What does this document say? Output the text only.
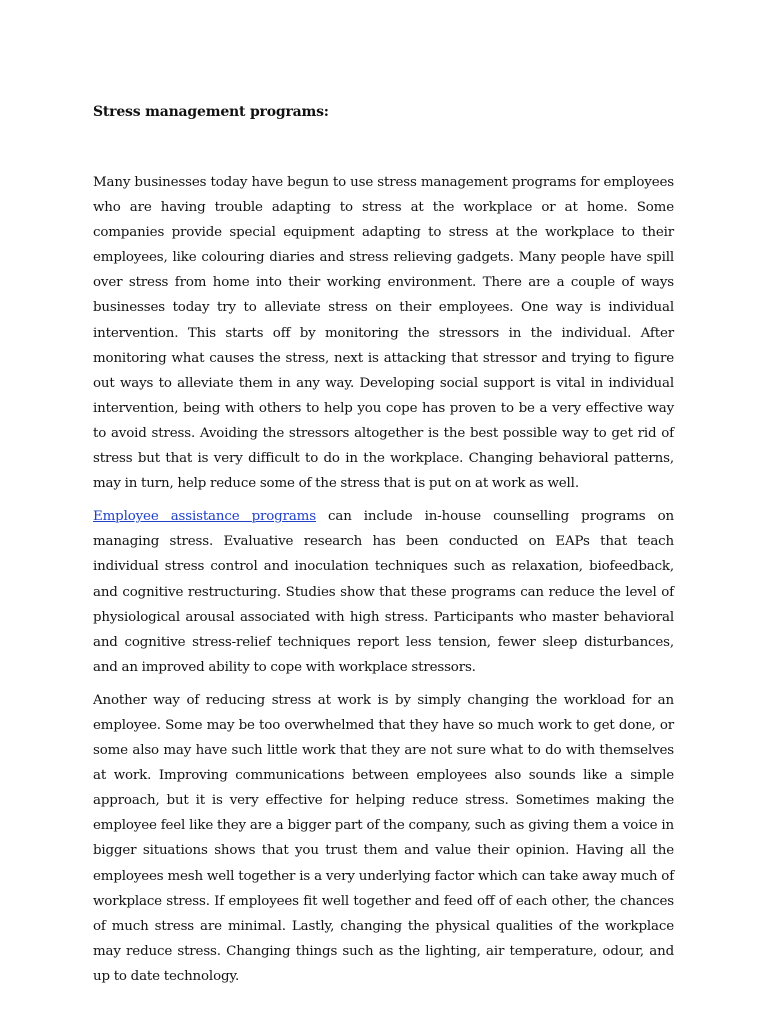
Stress management programs:

Many businesses today have begun to use stress management programs for employees who are having trouble adapting to stress at the workplace or at home. Some companies provide special equipment adapting to stress at the workplace to their employees, like colouring diaries and stress relieving gadgets. Many people have spill over stress from home into their working environment. There are a couple of ways businesses today try to alleviate stress on their employees. One way is individual intervention. This starts off by monitoring the stressors in the individual. After monitoring what causes the stress, next is attacking that stressor and trying to figure out ways to alleviate them in any way. Developing social support is vital in individual intervention, being with others to help you cope has proven to be a very effective way to avoid stress. Avoiding the stressors altogether is the best possible way to get rid of stress but that is very difficult to do in the workplace. Changing behavioral patterns, may in turn, help reduce some of the stress that is put on at work as well.

Employee assistance programs can include in-house counselling programs on managing stress. Evaluative research has been conducted on EAPs that teach individual stress control and inoculation techniques such as relaxation, biofeedback, and cognitive restructuring. Studies show that these programs can reduce the level of physiological arousal associated with high stress. Participants who master behavioral and cognitive stress-relief techniques report less tension, fewer sleep disturbances, and an improved ability to cope with workplace stressors.

Another way of reducing stress at work is by simply changing the workload for an employee. Some may be too overwhelmed that they have so much work to get done, or some also may have such little work that they are not sure what to do with themselves at work. Improving communications between employees also sounds like a simple approach, but it is very effective for helping reduce stress. Sometimes making the employee feel like they are a bigger part of the company, such as giving them a voice in bigger situations shows that you trust them and value their opinion. Having all the employees mesh well together is a very underlying factor which can take away much of workplace stress. If employees fit well together and feed off of each other, the chances of much stress are minimal. Lastly, changing the physical qualities of the workplace may reduce stress. Changing things such as the lighting, air temperature, odour, and up to date technology.
